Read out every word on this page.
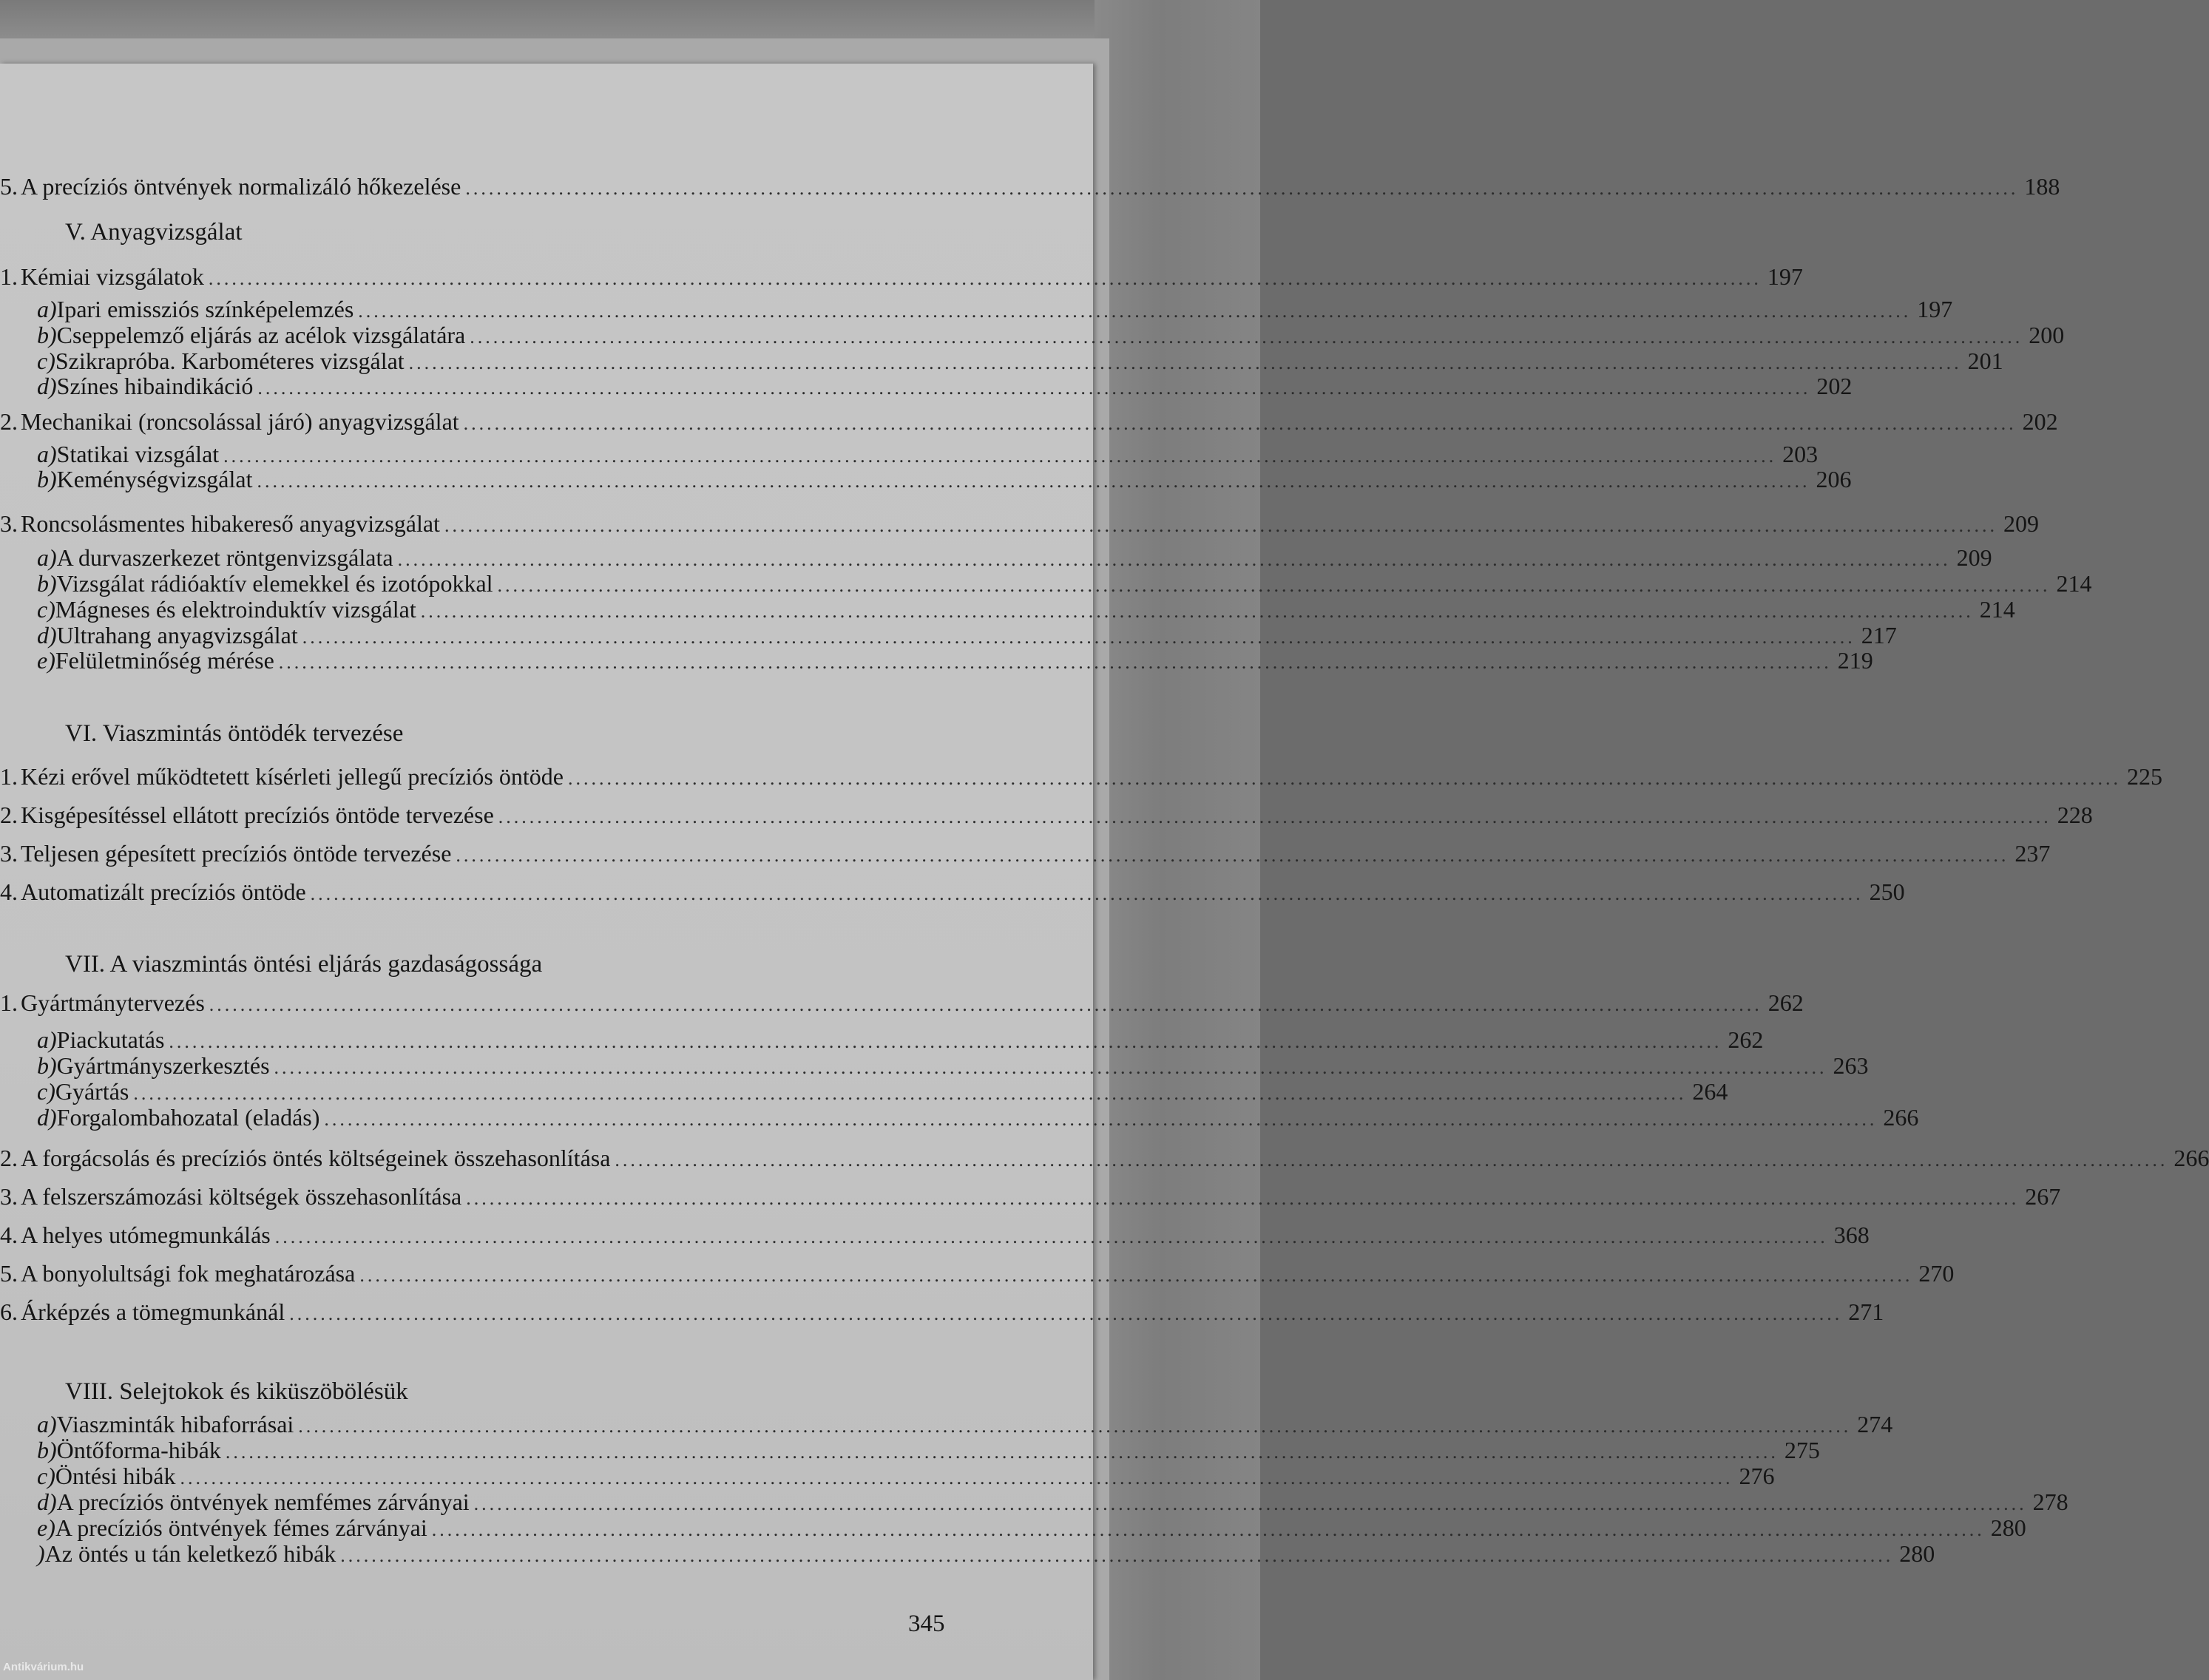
5. A precíziós öntvények normalizáló hőkezelése ........................................................................................................................................................................................................ 188
V. Anyagvizsgálat
1. Kémiai vizsgálatok ........................................................................................................................................................................................................ 197
a) Ipari emissziós színképelemzés ........................................................................................................................................................................................................ 197
b) Cseppelemző eljárás az acélok vizsgálatára ........................................................................................................................................................................................................ 200
c) Szikrapróba. Karbométeres vizsgálat ........................................................................................................................................................................................................ 201
d) Színes hibaindikáció ........................................................................................................................................................................................................ 202
2. Mechanikai (roncsolással járó) anyagvizsgálat ........................................................................................................................................................................................................ 202
a) Statikai vizsgálat ........................................................................................................................................................................................................ 203
b) Keménységvizsgálat ........................................................................................................................................................................................................ 206
3. Roncsolásmentes hibakereső anyagvizsgálat ........................................................................................................................................................................................................ 209
a) A durvaszerkezet röntgenvizsgálata ........................................................................................................................................................................................................ 209
b) Vizsgálat rádióaktív elemekkel és izotópokkal ........................................................................................................................................................................................................ 214
c) Mágneses és elektroinduktív vizsgálat ........................................................................................................................................................................................................ 214
d) Ultrahang anyagvizsgálat ........................................................................................................................................................................................................ 217
e) Felületminőség mérése ........................................................................................................................................................................................................ 219
VI. Viaszmintás öntödék tervezése
1. Kézi erővel működtetett kísérleti jellegű precíziós öntöde ........................................................................................................................................................................................................ 225
2. Kisgépesítéssel ellátott precíziós öntöde tervezése ........................................................................................................................................................................................................ 228
3. Teljesen gépesített precíziós öntöde tervezése ........................................................................................................................................................................................................ 237
4. Automatizált precíziós öntöde ........................................................................................................................................................................................................ 250
VII. A viaszmintás öntési eljárás gazdaságossága
1. Gyártmánytervezés ........................................................................................................................................................................................................ 262
a) Piackutatás ........................................................................................................................................................................................................ 262
b) Gyártmányszerkesztés ........................................................................................................................................................................................................ 263
c) Gyártás ........................................................................................................................................................................................................ 264
d) Forgalombahozatal (eladás) ........................................................................................................................................................................................................ 266
2. A forgácsolás és precíziós öntés költségeinek összehasonlítása ........................................................................................................................................................................................................ 266
3. A felszerszámozási költségek összehasonlítása ........................................................................................................................................................................................................ 267
4. A helyes utómegmunkálás ........................................................................................................................................................................................................ 368
5. A bonyolultsági fok meghatározása ........................................................................................................................................................................................................ 270
6. Árképzés a tömegmunkánál ........................................................................................................................................................................................................ 271
VIII. Selejtokok és kiküszöbölésük
a) Viaszminták hibaforrásai ........................................................................................................................................................................................................ 274
b) Öntőforma-hibák ........................................................................................................................................................................................................ 275
c) Öntési hibák ........................................................................................................................................................................................................ 276
d) A precíziós öntvények nemfémes zárványai ........................................................................................................................................................................................................ 278
e) A precíziós öntvények fémes zárványai ........................................................................................................................................................................................................ 280
) Az öntés u tán keletkező hibák ........................................................................................................................................................................................................ 280
345
Antikvárium.hu
